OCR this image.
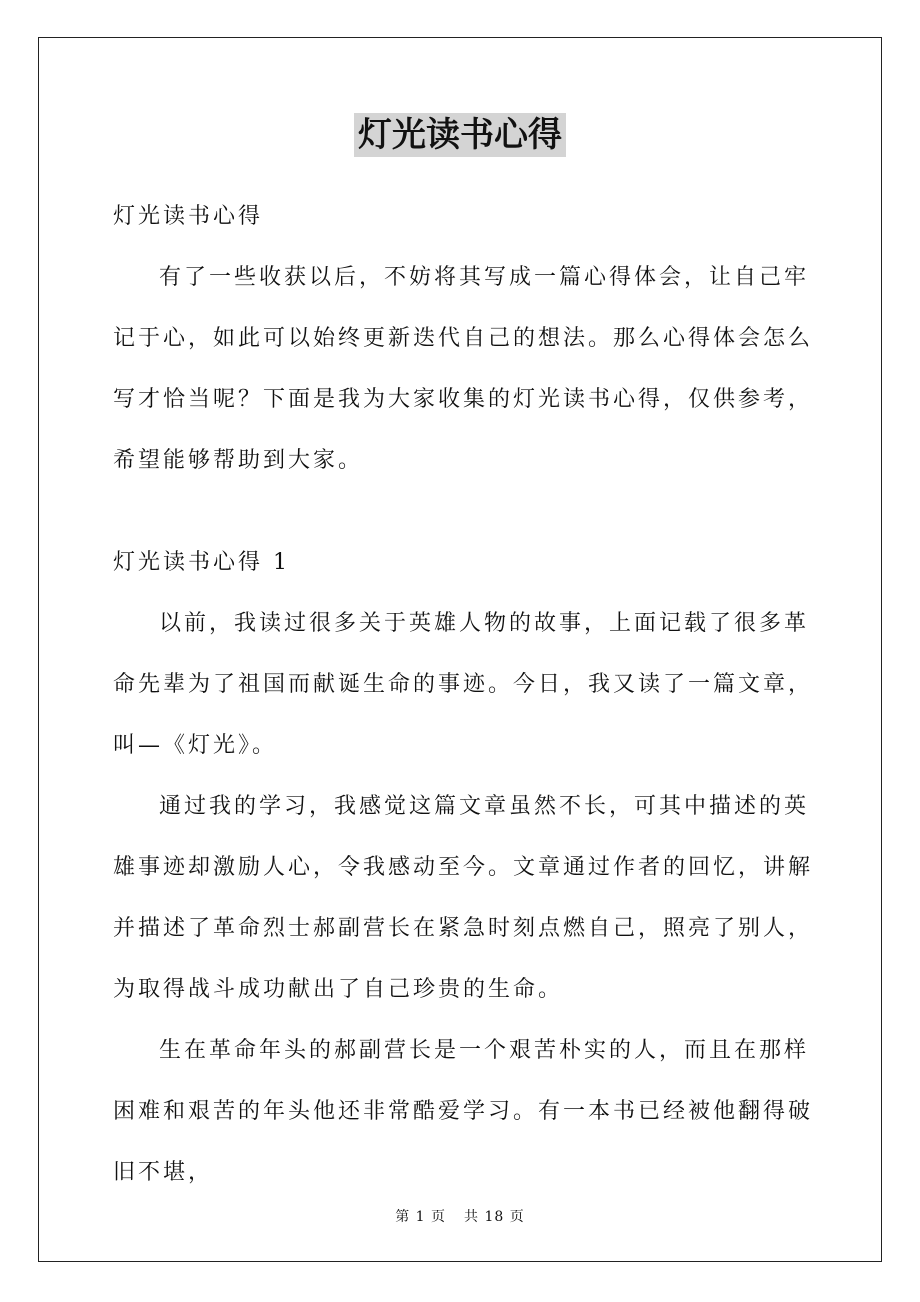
灯光读书心得

灯光读书心得

有了一些收获以后，不妨将其写成一篇心得体会，让自己牢记于心，如此可以始终更新迭代自己的想法。那么心得体会怎么写才恰当呢？下面是我为大家收集的灯光读书心得，仅供参考，希望能够帮助到大家。

灯光读书心得 1

以前，我读过很多关于英雄人物的故事，上面记载了很多革命先辈为了祖国而献诞生命的事迹。今日，我又读了一篇文章，叫—《灯光》。

通过我的学习，我感觉这篇文章虽然不长，可其中描述的英雄事迹却激励人心，令我感动至今。文章通过作者的回忆，讲解并描述了革命烈士郝副营长在紧急时刻点燃自己，照亮了别人，为取得战斗成功献出了自己珍贵的生命。

生在革命年头的郝副营长是一个艰苦朴实的人，而且在那样困难和艰苦的年头他还非常酷爱学习。有一本书已经被他翻得破旧不堪，

第 1 页 共 18 页
